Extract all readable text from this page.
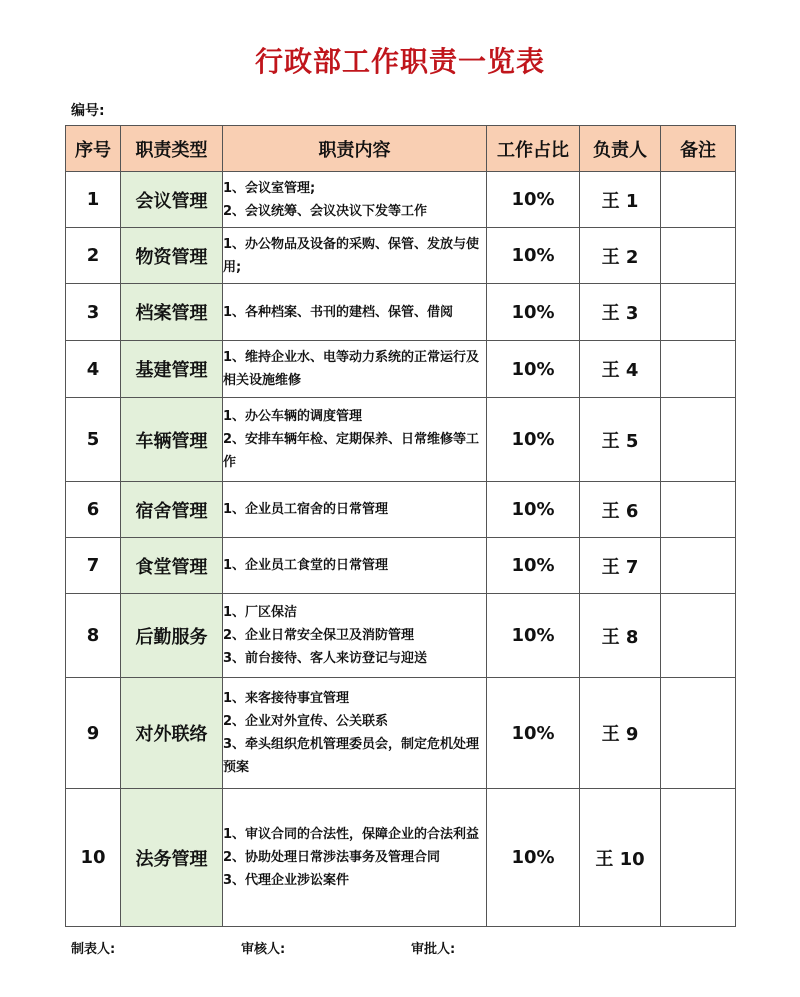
行政部工作职责一览表
编号:
序号	职责类型	职责内容	工作占比	负责人	备注
1	会议管理	1、会议室管理;
2、会议统筹、会议决议下发等工作	10%	王 1	
2	物资管理	1、办公物品及设备的采购、保管、发放与使用;	10%	王 2	
3	档案管理	1、各种档案、书刊的建档、保管、借阅	10%	王 3	
4	基建管理	1、维持企业水、电等动力系统的正常运行及相关设施维修	10%	王 4	
5	车辆管理	1、办公车辆的调度管理
2、安排车辆年检、定期保养、日常维修等工作	10%	王 5	
6	宿舍管理	1、企业员工宿舍的日常管理	10%	王 6	
7	食堂管理	1、企业员工食堂的日常管理	10%	王 7	
8	后勤服务	1、厂区保洁
2、企业日常安全保卫及消防管理
3、前台接待、客人来访登记与迎送	10%	王 8	
9	对外联络	1、来客接待事宜管理
2、企业对外宣传、公关联系
3、牵头组织危机管理委员会，制定危机处理预案	10%	王 9	
10	法务管理	1、审议合同的合法性，保障企业的合法利益
2、协助处理日常涉法事务及管理合同
3、代理企业涉讼案件	10%	王 10	
制表人:	审核人:	审批人:
